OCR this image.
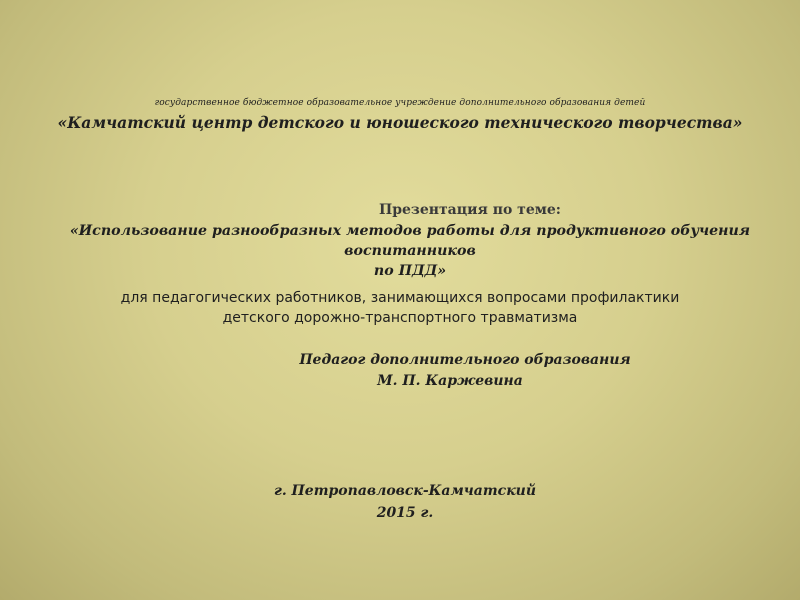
государственное бюджетное образовательное учреждение дополнительного образования детей
«Камчатский центр детского и юношеского технического творчества»
Презентация по теме:
«Использование разнообразных методов работы для продуктивного обучения воспитанников
по ПДД»
для педагогических работников, занимающихся вопросами профилактики
детского дорожно-транспортного травматизма
Педагог дополнительного образования
М. П. Каржевина
г. Петропавловск-Камчатский
2015 г.
